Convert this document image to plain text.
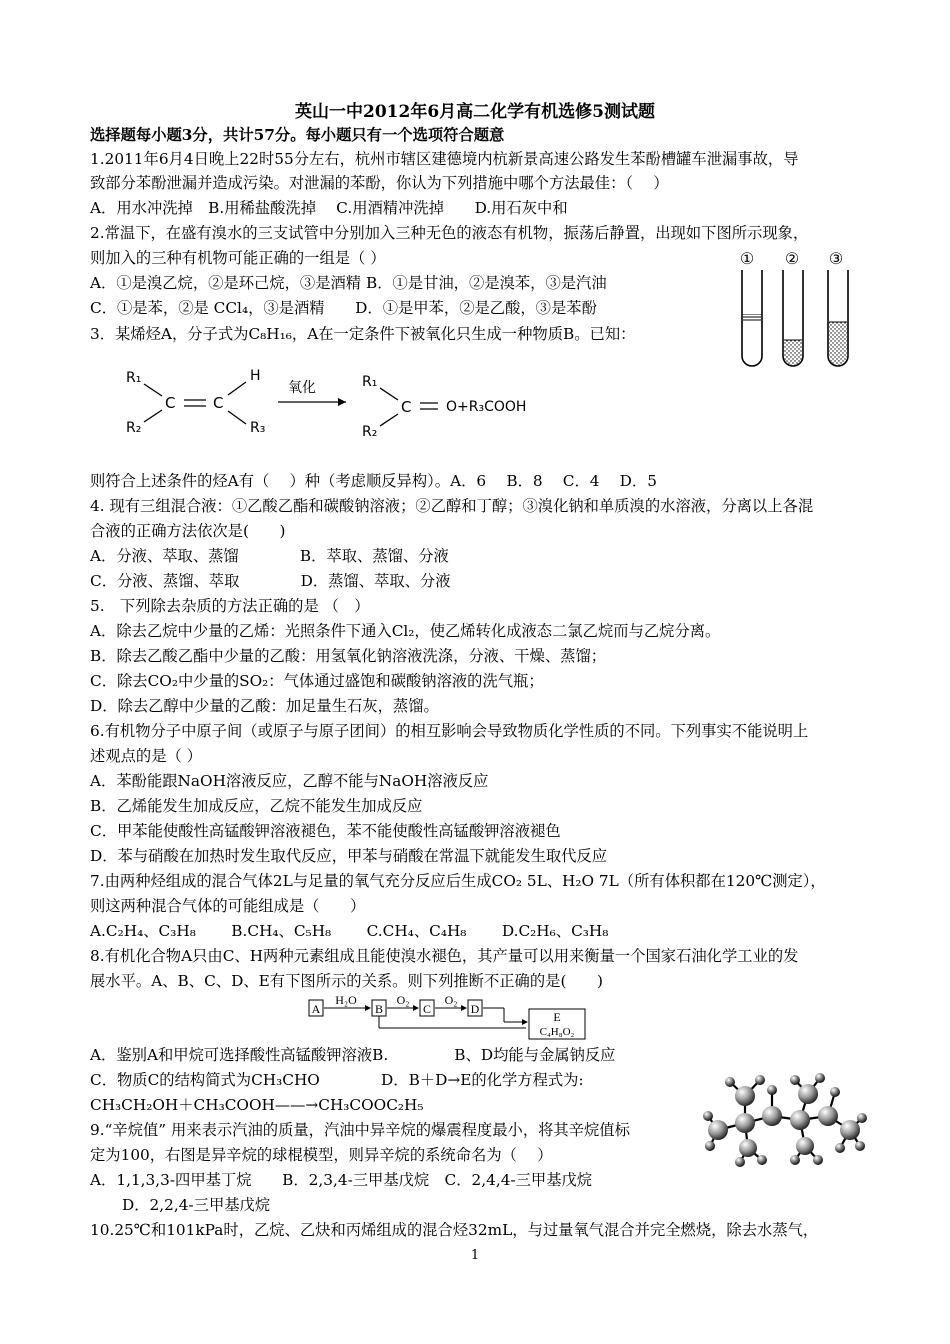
英山一中2012年6月高二化学有机选修5测试题
选择题每小题3分，共计57分。每小题只有一个选项符合题意
1.2011年6月4日晚上22时55分左右，杭州市辖区建德境内杭新景高速公路发生苯酚槽罐车泄漏事故，导
致部分苯酚泄漏并造成污染。对泄漏的苯酚，你认为下列措施中哪个方法最佳：（　 ）
A．用水冲洗掉　B.用稀盐酸洗掉　 C.用酒精冲洗掉　　D.用石灰中和
2.常温下，在盛有溴水的三支试管中分别加入三种无色的液态有机物，振荡后静置，出现如下图所示现象，
则加入的三种有机物可能正确的一组是（ ）
A．①是溴乙烷，②是环己烷，③是酒精 B．①是甘油，②是溴苯，③是汽油
C．①是苯，②是 CCl₄，③是酒精　　D．①是甲苯，②是乙酸，③是苯酚
① ② ③
3．某烯烃A，分子式为C₈H₁₆，A在一定条件下被氧化只生成一种物质B。已知：
R₁
R₂
C	C
H
R₃
氧化	R₁
R₂
C O+R₃COOH
则符合上述条件的烃A有（　 ）种（考虑顺反异构）。A．6　 B．8　 C．4　 D．5
4. 现有三组混合液：①乙酸乙酯和碳酸钠溶液；②乙醇和丁醇；③溴化钠和单质溴的水溶液，分离以上各混
合液的正确方法依次是(　　)
A．分液、萃取、蒸馏　　　　B．萃取、蒸馏、分液
C．分液、蒸馏、萃取　　　　D．蒸馏、萃取、分液
5.　下列除去杂质的方法正确的是 （　）
A．除去乙烷中少量的乙烯：光照条件下通入Cl₂，使乙烯转化成液态二氯乙烷而与乙烷分离。
B．除去乙酸乙酯中少量的乙酸：用氢氧化钠溶液洗涤，分液、干燥、蒸馏；
C．除去CO₂中少量的SO₂：气体通过盛饱和碳酸钠溶液的洗气瓶；
D．除去乙醇中少量的乙酸：加足量生石灰，蒸馏。
6.有机物分子中原子间（或原子与原子团间）的相互影响会导致物质化学性质的不同。下列事实不能说明上
述观点的是（ ）
A．苯酚能跟NaOH溶液反应，乙醇不能与NaOH溶液反应
B．乙烯能发生加成反应，乙烷不能发生加成反应
C．甲苯能使酸性高锰酸钾溶液褪色，苯不能使酸性高锰酸钾溶液褪色
D．苯与硝酸在加热时发生取代反应，甲苯与硝酸在常温下就能发生取代反应
7.由两种烃组成的混合气体2L与足量的氧气充分反应后生成CO₂ 5L、H₂O 7L（所有体积都在120℃测定），
则这两种混合气体的可能组成是（　　）
A.C₂H₄、C₃H₈　　 B.CH₄、C₅H₈　　 C.CH₄、C₄H₈　　 D.C₂H₆、C₃H₈
8.有机化合物A只由C、H两种元素组成且能使溴水褪色，其产量可以用来衡量一个国家石油化学工业的发
展水平。A、B、C、D、E有下图所示的关系。则下列推断不正确的是(　　)
A
H₂O
B
O₂
C
O₂
D
E
C₄H₈O₂
A．鉴别A和甲烷可选择酸性高锰酸钾溶液B.　　　　 B、D均能与金属钠反应
C．物质C的结构简式为CH₃CHO　　　　D．B＋D→E的化学方程式为:
CH₃CH₂OH＋CH₃COOH——→CH₃COOC₂H₅
9.“辛烷值” 用来表示汽油的质量，汽油中异辛烷的爆震程度最小，将其辛烷值标
定为100，右图是异辛烷的球棍模型，则异辛烷的系统命名为（　 ）
A．1,1,3,3-四甲基丁烷　　B．2,3,4-三甲基戊烷　C．2,4,4-三甲基戊烷
D．2,2,4-三甲基戊烷
10.25℃和101kPa时，乙烷、乙炔和丙烯组成的混合烃32mL，与过量氧气混合并完全燃烧，除去水蒸气，
1
